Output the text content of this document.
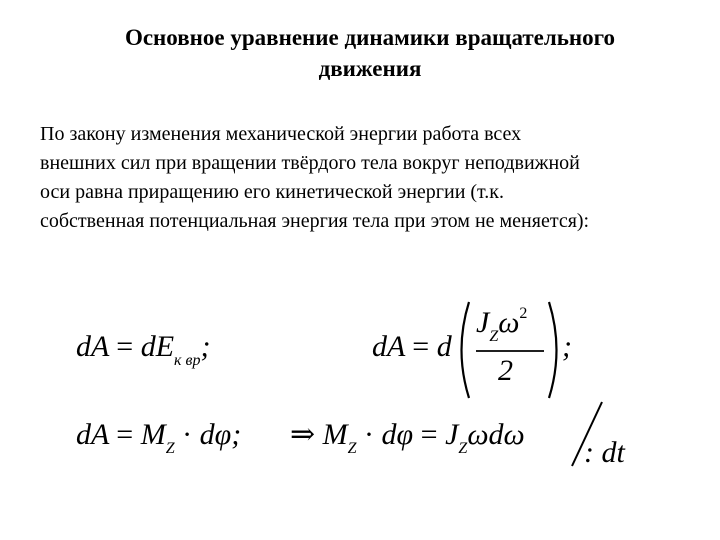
Основное уравнение динамики вращательного
движения
По закону изменения механической энергии работа всех
внешних сил при вращении твёрдого тела вокруг неподвижной
оси равна приращению его кинетической энергии (т.к.
собственная потенциальная энергия тела при этом не меняется):
dA = $dE_{к вр}$;	dA = d
$J_Z\omega^2$
2
;
dA = $M_Z \cdot d\varphi$; ⇒ $M_Z \cdot d\varphi = J_Z\omega d\omega$
: dt
